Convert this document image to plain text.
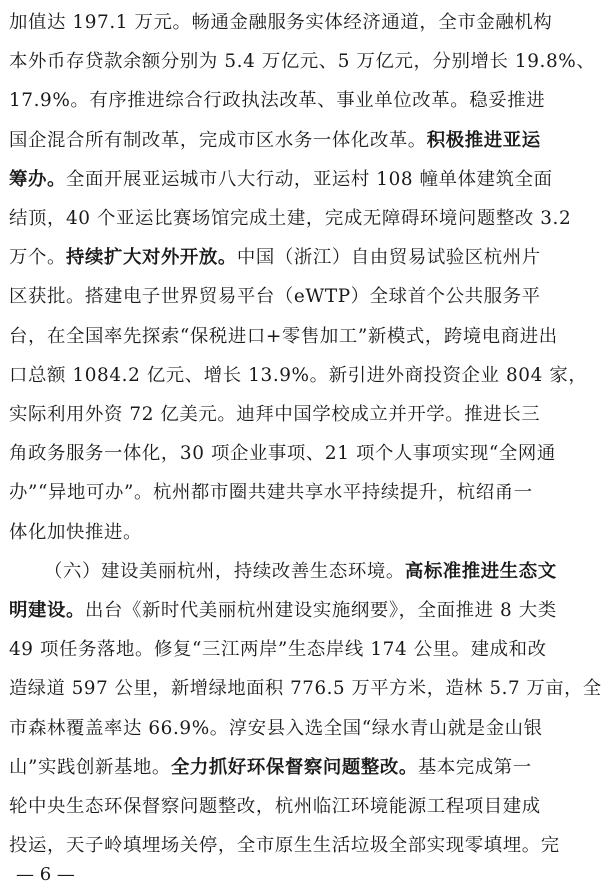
加值达 197.1 万元。畅通金融服务实体经济通道，全市金融机构
本外币存贷款余额分别为 5.4 万亿元、5 万亿元，分别增长 19.8%、
17.9%。有序推进综合行政执法改革、事业单位改革。稳妥推进
国企混合所有制改革，完成市区水务一体化改革。积极推进亚运
筹办。全面开展亚运城市八大行动，亚运村 108 幢单体建筑全面
结顶，40 个亚运比赛场馆完成土建，完成无障碍环境问题整改 3.2
万个。持续扩大对外开放。中国（浙江）自由贸易试验区杭州片
区获批。搭建电子世界贸易平台（eWTP）全球首个公共服务平
台，在全国率先探索“保税进口+零售加工”新模式，跨境电商进出
口总额 1084.2 亿元、增长 13.9%。新引进外商投资企业 804 家，
实际利用外资 72 亿美元。迪拜中国学校成立并开学。推进长三
角政务服务一体化，30 项企业事项、21 项个人事项实现“全网通
办”“异地可办”。杭州都市圈共建共享水平持续提升，杭绍甬一
体化加快推进。
（六）建设美丽杭州，持续改善生态环境。高标准推进生态文
明建设。出台《新时代美丽杭州建设实施纲要》，全面推进 8 大类
49 项任务落地。修复“三江两岸”生态岸线 174 公里。建成和改
造绿道 597 公里，新增绿地面积 776.5 万平方米，造林 5.7 万亩，全
市森林覆盖率达 66.9%。淳安县入选全国“绿水青山就是金山银
山”实践创新基地。全力抓好环保督察问题整改。基本完成第一
轮中央生态环保督察问题整改，杭州临江环境能源工程项目建成
投运，天子岭填埋场关停，全市原生生活垃圾全部实现零填埋。完
— 6 —
